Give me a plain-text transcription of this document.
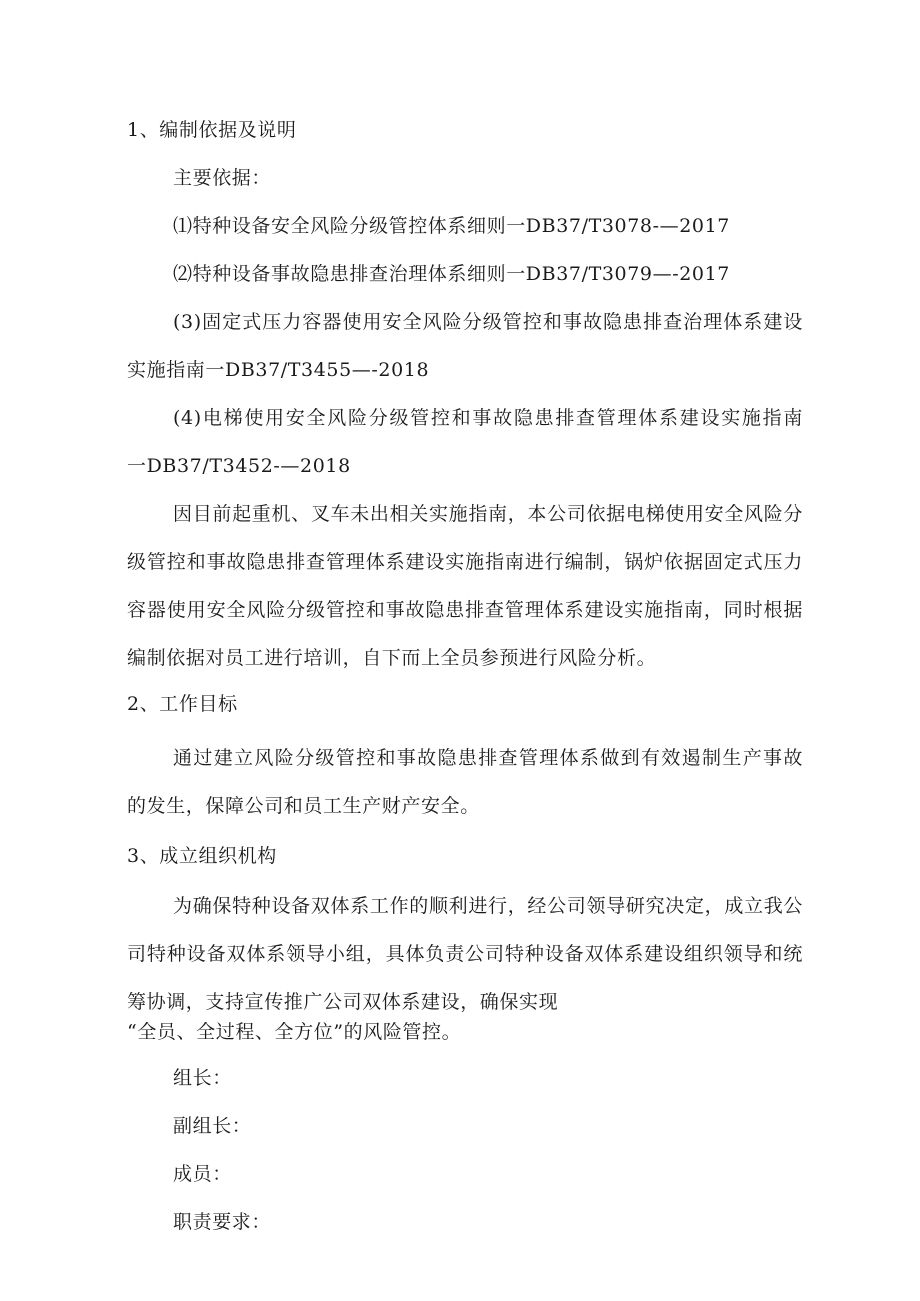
1、编制依据及说明
主要依据：
⑴特种设备安全风险分级管控体系细则一DB37/T3078-—2017
⑵特种设备事故隐患排查治理体系细则一DB37/T3079—-2017
(3)固定式压力容器使用安全风险分级管控和事故隐患排查治理体系建设
实施指南一DB37/T3455—-2018
(4)电梯使用安全风险分级管控和事故隐患排查管理体系建设实施指南
一DB37/T3452-—2018
因目前起重机、叉车未出相关实施指南，本公司依据电梯使用安全风险分
级管控和事故隐患排查管理体系建设实施指南进行编制，锅炉依据固定式压力
容器使用安全风险分级管控和事故隐患排查管理体系建设实施指南，同时根据
编制依据对员工进行培训，自下而上全员参预进行风险分析。
2、工作目标
通过建立风险分级管控和事故隐患排查管理体系做到有效遏制生产事故
的发生，保障公司和员工生产财产安全。
3、成立组织机构
为确保特种设备双体系工作的顺利进行，经公司领导研究决定，成立我公
司特种设备双体系领导小组，具体负责公司特种设备双体系建设组织领导和统
筹协调，支持宣传推广公司双体系建设，确保实现
“全员、全过程、全方位”的风险管控。
组长：
副组长：
成员：
职责要求：
